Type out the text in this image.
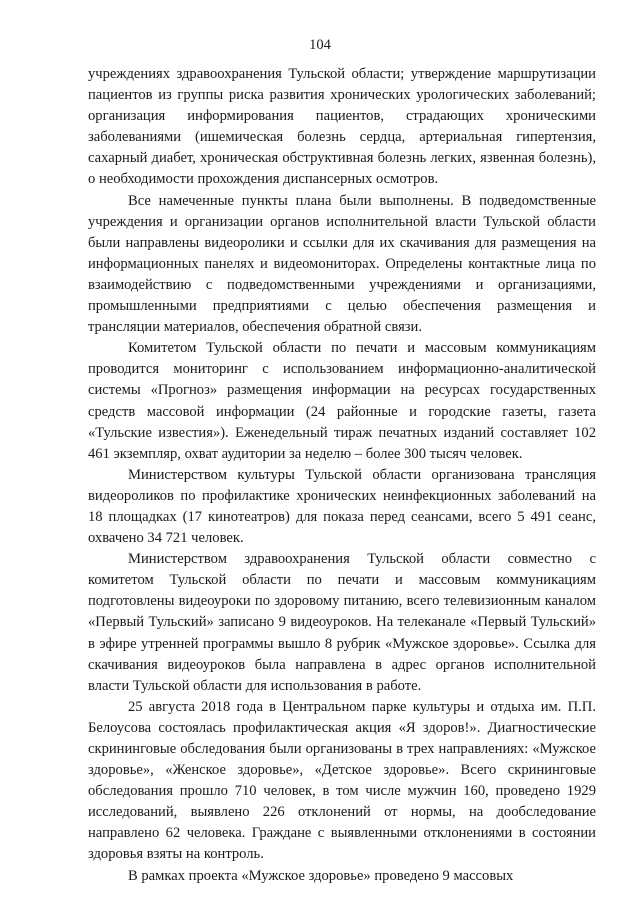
104

учреждениях здравоохранения Тульской области; утверждение маршрутизации пациентов из группы риска развития хронических урологических заболеваний; организация информирования пациентов, страдающих хроническими заболеваниями (ишемическая болезнь сердца, артериальная гипертензия, сахарный диабет, хроническая обструктивная болезнь легких, язвенная болезнь), о необходимости прохождения диспансерных осмотров.

Все намеченные пункты плана были выполнены. В подведомственные учреждения и организации органов исполнительной власти Тульской области были направлены видеоролики и ссылки для их скачивания для размещения на информационных панелях и видеомониторах. Определены контактные лица по взаимодействию с подведомственными учреждениями и организациями, промышленными предприятиями с целью обеспечения размещения и трансляции материалов, обеспечения обратной связи.

Комитетом Тульской области по печати и массовым коммуникациям проводится мониторинг с использованием информационно-аналитической системы «Прогноз» размещения информации на ресурсах государственных средств массовой информации (24 районные и городские газеты, газета «Тульские известия»). Еженедельный тираж печатных изданий составляет 102 461 экземпляр, охват аудитории за неделю – более 300 тысяч человек.

Министерством культуры Тульской области организована трансляция видеороликов по профилактике хронических неинфекционных заболеваний на 18 площадках (17 кинотеатров) для показа перед сеансами, всего 5 491 сеанс, охвачено 34 721 человек.

Министерством здравоохранения Тульской области совместно с комитетом Тульской области по печати и массовым коммуникациям подготовлены видеоуроки по здоровому питанию, всего телевизионным каналом «Первый Тульский» записано 9 видеоуроков. На телеканале «Первый Тульский» в эфире утренней программы вышло 8 рубрик «Мужское здоровье». Ссылка для скачивания видеоуроков была направлена в адрес органов исполнительной власти Тульской области для использования в работе.

25 августа 2018 года в Центральном парке культуры и отдыха им. П.П. Белоусова состоялась профилактическая акция «Я здоров!». Диагностические скрининговые обследования были организованы в трех направлениях: «Мужское здоровье», «Женское здоровье», «Детское здоровье». Всего скрининговые обследования прошло 710 человек, в том числе мужчин 160, проведено 1929 исследований, выявлено 226 отклонений от нормы, на дообследование направлено 62 человека. Граждане с выявленными отклонениями в состоянии здоровья взяты на контроль.

В рамках проекта «Мужское здоровье» проведено 9 массовых
